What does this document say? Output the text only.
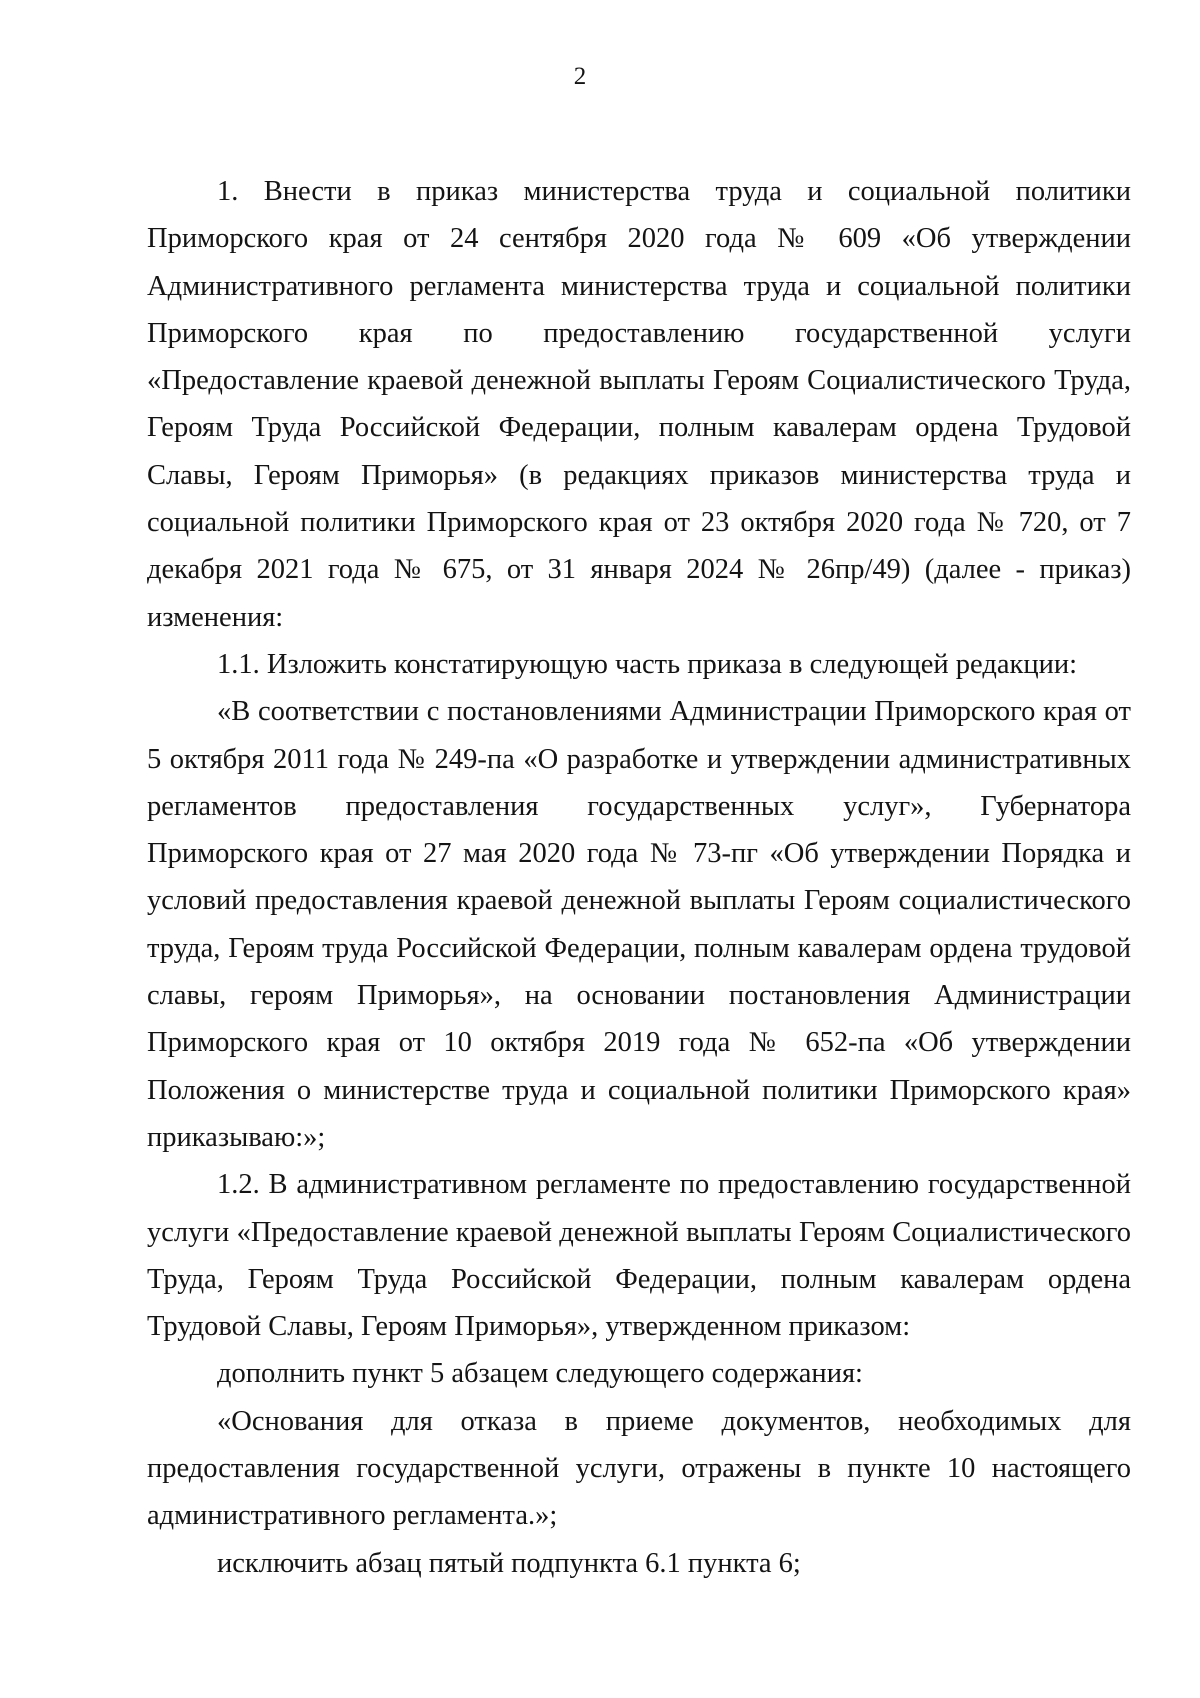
2

1. Внести в приказ министерства труда и социальной политики Приморского края от 24 сентября 2020 года № 609 «Об утверждении Административного регламента министерства труда и социальной политики Приморского края по предоставлению государственной услуги «Предоставление краевой денежной выплаты Героям Социалистического Труда, Героям Труда Российской Федерации, полным кавалерам ордена Трудовой Славы, Героям Приморья» (в редакциях приказов министерства труда и социальной политики Приморского края от 23 октября 2020 года № 720, от 7 декабря 2021 года № 675, от 31 января 2024 № 26пр/49) (далее - приказ) изменения:

1.1. Изложить констатирующую часть приказа в следующей редакции:

«В соответствии с постановлениями Администрации Приморского края от 5 октября 2011 года № 249-па «О разработке и утверждении административных регламентов предоставления государственных услуг», Губернатора Приморского края от 27 мая 2020 года № 73-пг «Об утверждении Порядка и условий предоставления краевой денежной выплаты Героям социалистического труда, Героям труда Российской Федерации, полным кавалерам ордена трудовой славы, героям Приморья», на основании постановления Администрации Приморского края от 10 октября 2019 года № 652-па «Об утверждении Положения о министерстве труда и социальной политики Приморского края» приказываю:»;

1.2. В административном регламенте по предоставлению государственной услуги «Предоставление краевой денежной выплаты Героям Социалистического Труда, Героям Труда Российской Федерации, полным кавалерам ордена Трудовой Славы, Героям Приморья», утвержденном приказом:

дополнить пункт 5 абзацем следующего содержания:

«Основания для отказа в приеме документов, необходимых для предоставления государственной услуги, отражены в пункте 10 настоящего административного регламента.»;

исключить абзац пятый подпункта 6.1 пункта 6;
